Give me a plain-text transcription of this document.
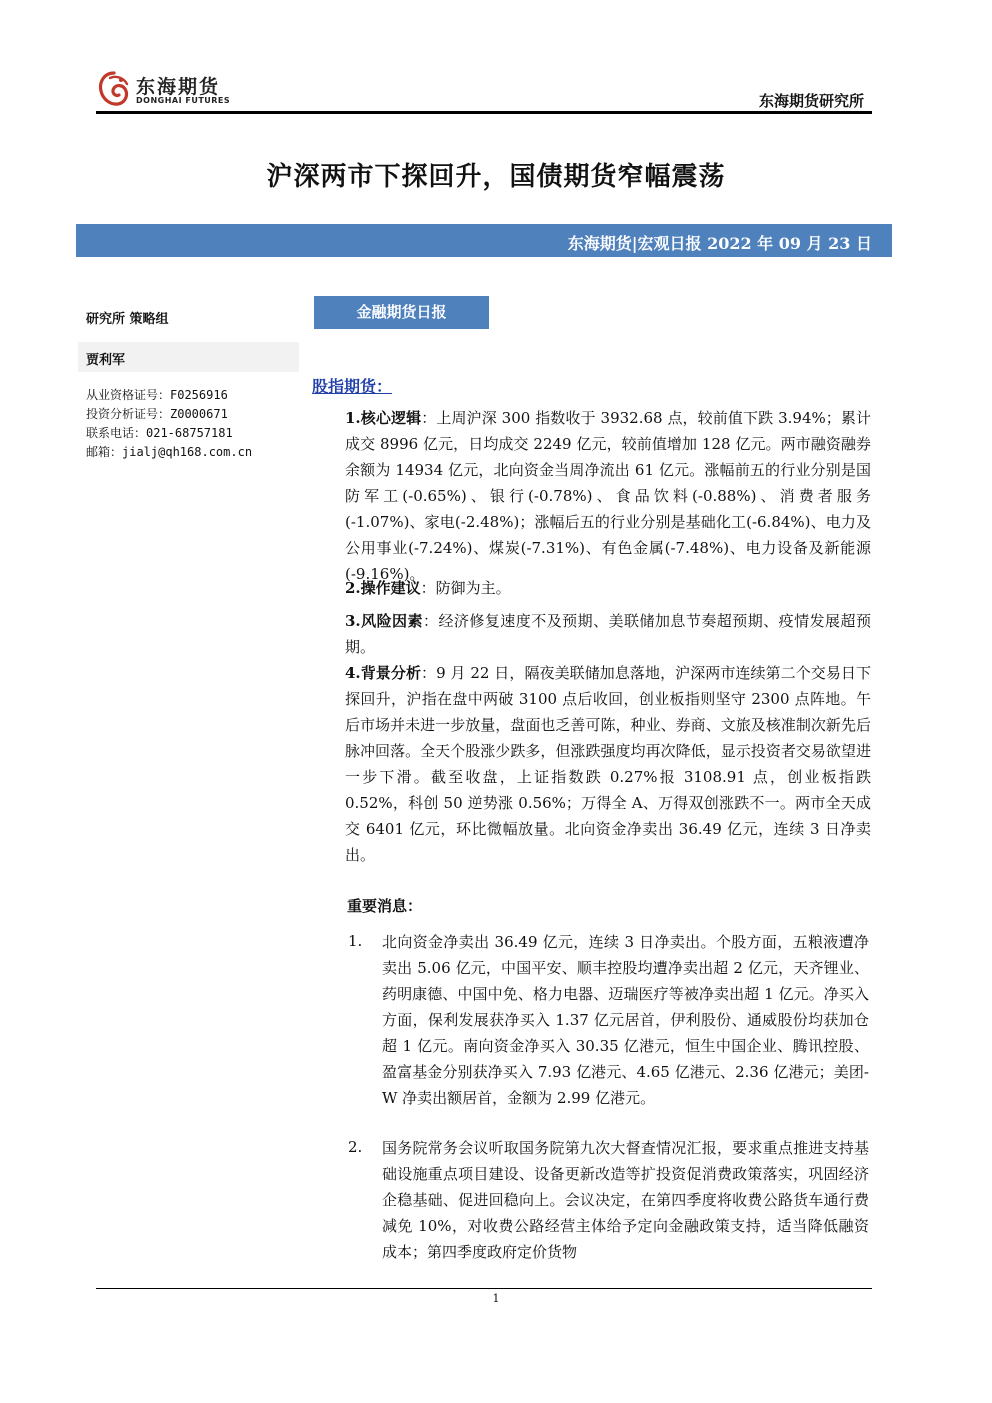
东海期货
DONGHAI FUTURES	东海期货研究所
沪深两市下探回升，国债期货窄幅震荡
东海期货|宏观日报 2022 年 09 月 23 日
研究所 策略组
贾利军
从业资格证号：F0256916
投资分析证号：Z0000671
联系电话：021-68757181
邮箱：jialj@qh168.com.cn
金融期货日报
股指期货：
1.核心逻辑：上周沪深 300 指数收于 3932.68 点，较前值下跌 3.94%；累计成交 8996 亿元，日均成交 2249 亿元，较前值增加 128 亿元。两市融资融券余额为 14934 亿元，北向资金当周净流出 61 亿元。涨幅前五的行业分别是国防军工(-0.65%)、银行(-0.78%)、食品饮料(-0.88%)、消费者服务(-1.07%)、家电(-2.48%)；涨幅后五的行业分别是基础化工(-6.84%)、电力及公用事业(-7.24%)、煤炭(-7.31%)、有色金属(-7.48%)、电力设备及新能源(-9.16%)。
2.操作建议：防御为主。
3.风险因素：经济修复速度不及预期、美联储加息节奏超预期、疫情发展超预期。
4.背景分析：9 月 22 日，隔夜美联储加息落地，沪深两市连续第二个交易日下探回升，沪指在盘中两破 3100 点后收回，创业板指则坚守 2300 点阵地。午后市场并未进一步放量，盘面也乏善可陈，种业、券商、文旅及核准制次新先后脉冲回落。全天个股涨少跌多，但涨跌强度均再次降低，显示投资者交易欲望进一步下滑。截至收盘，上证指数跌 0.27%报 3108.91 点，创业板指跌 0.52%，科创 50 逆势涨 0.56%；万得全 A、万得双创涨跌不一。两市全天成交 6401 亿元，环比微幅放量。北向资金净卖出 36.49 亿元，连续 3 日净卖出。
重要消息：
1. 北向资金净卖出 36.49 亿元，连续 3 日净卖出。个股方面，五粮液遭净卖出 5.06 亿元，中国平安、顺丰控股均遭净卖出超 2 亿元，天齐锂业、药明康德、中国中免、格力电器、迈瑞医疗等被净卖出超 1 亿元。净买入方面，保利发展获净买入 1.37 亿元居首，伊利股份、通威股份均获加仓超 1 亿元。南向资金净买入 30.35 亿港元，恒生中国企业、腾讯控股、盈富基金分别获净买入 7.93 亿港元、4.65 亿港元、2.36 亿港元；美团-W 净卖出额居首，金额为 2.99 亿港元。
2. 国务院常务会议听取国务院第九次大督查情况汇报，要求重点推进支持基础设施重点项目建设、设备更新改造等扩投资促消费政策落实，巩固经济企稳基础、促进回稳向上。会议决定，在第四季度将收费公路货车通行费减免 10%，对收费公路经营主体给予定向金融政策支持，适当降低融资成本；第四季度政府定价货物
1
